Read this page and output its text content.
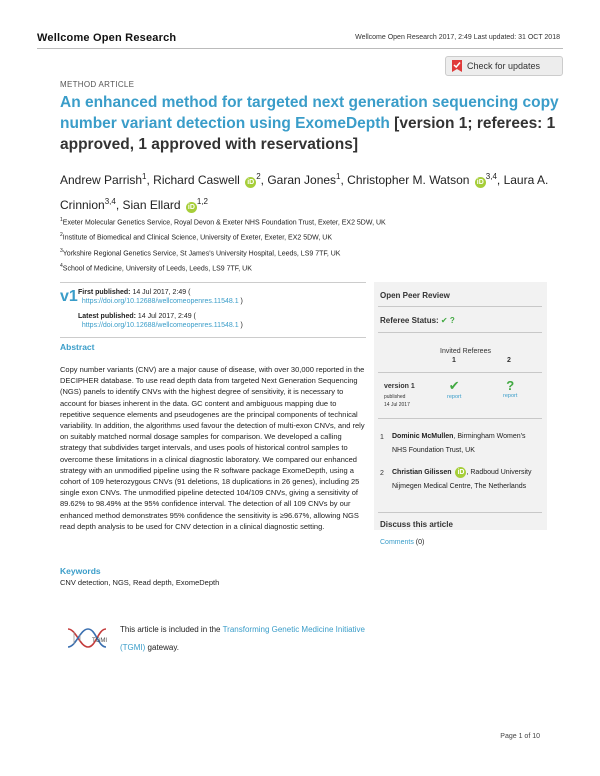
Wellcome Open Research	Wellcome Open Research 2017, 2:49 Last updated: 31 OCT 2018
Check for updates
METHOD ARTICLE
An enhanced method for targeted next generation sequencing copy number variant detection using ExomeDepth [version 1; referees: 1 approved, 1 approved with reservations]
Andrew Parrish$^1$, Richard Caswell $iD^2$, Garan Jones$^1$, Christopher M. Watson iD$^{3,4}$, Laura A. Crinnion$^{3,4}$, Sian Ellard iD$^{1,2}$
$^1$Exeter Molecular Genetics Service, Royal Devon & Exeter NHS Foundation Trust, Exeter, EX2 5DW, UK
$^2$Institute of Biomedical and Clinical Science, University of Exeter, Exeter, EX2 5DW, UK
$^3$Yorkshire Regional Genetics Service, St James's University Hospital, Leeds, LS9 7TF, UK
$^4$School of Medicine, University of Leeds, Leeds, LS9 7TF, UK
v1 First published: 14 Jul 2017, 2:49 (
https://doi.org/10.12688/wellcomeopenres.11548.1 )
Latest published: 14 Jul 2017, 2:49 (
https://doi.org/10.12688/wellcomeopenres.11548.1 )
Abstract
Copy number variants (CNV) are a major cause of disease, with over 30,000 reported in the DECIPHER database. To use read depth data from targeted Next Generation Sequencing (NGS) panels to identify CNVs with the highest degree of sensitivity, it is necessary to account for biases inherent in the data. GC content and ambiguous mapping due to repetitive sequence elements and pseudogenes are the principal components of technical variability. In addition, the algorithms used favour the detection of multi-exon CNVs, and rely on suitably matched normal dosage samples for comparison. We developed a calling strategy that subdivides target intervals, and uses pools of historical control samples to overcome these limitations in a clinical diagnostic laboratory. We compared our enhanced strategy with an unmodified pipeline using the R software package ExomeDepth, using a cohort of 109 heterozygous CNVs (91 deletions, 18 duplications in 26 genes), including 25 single exon CNVs. The unmodified pipeline detected 104/109 CNVs, giving a sensitivity of 89.62% to 98.49% at the 95% confidence interval. The detection of all 109 CNVs by our enhanced method demonstrates 95% confidence the sensitivity is ≥96.67%, allowing NGS read depth analysis to be used for CNV detection in a clinical diagnostic setting.
Keywords
CNV detection, NGS, Read depth, ExomeDepth
TGMI
This article is included in the Transforming Genetic Medicine Initiative (TGMI) gateway.
Open Peer Review
Referee Status: ✔ ?
Invited Referees
1	2
version 1
published
14 Jul 2017
✔
report
?
report
1 Dominic McMullen, Birmingham Women's NHS Foundation Trust, UK
2 Christian Gilissen iD , Radboud University Nijmegen Medical Centre, The Netherlands
Discuss this article
Comments (0)
Page 1 of 10
